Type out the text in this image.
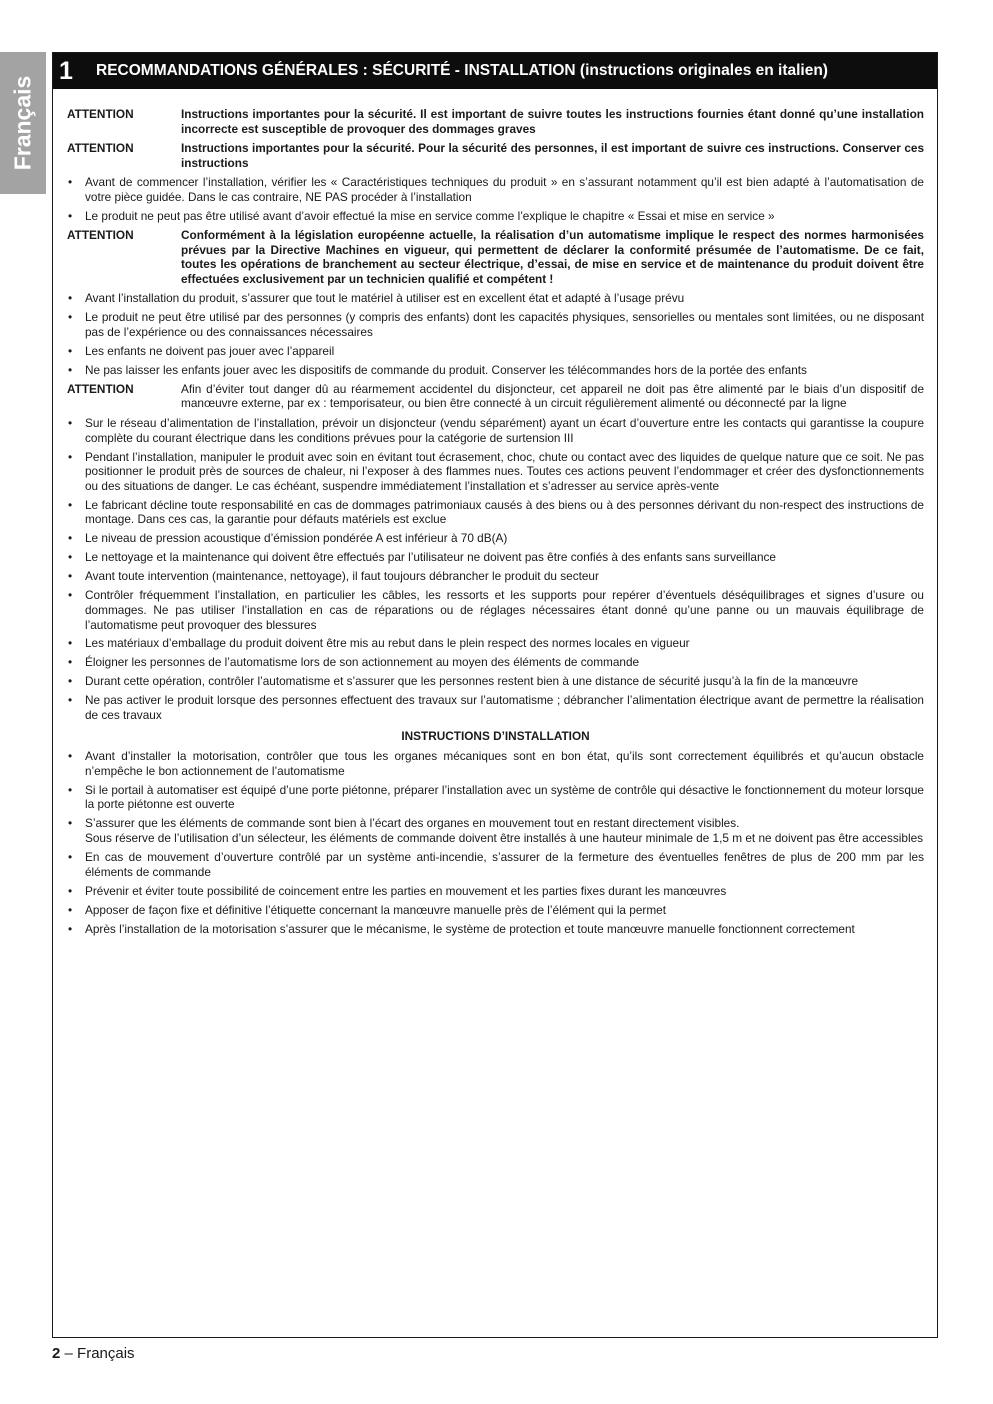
Français
1 RECOMMANDATIONS GÉNÉRALES : SÉCURITÉ - INSTALLATION (instructions originales en italien)
ATTENTION	Instructions importantes pour la sécurité. Il est important de suivre toutes les instructions fournies étant donné qu’une installation incorrecte est susceptible de provoquer des dommages graves
ATTENTION	Instructions importantes pour la sécurité. Pour la sécurité des personnes, il est important de suivre ces instructions. Conserver ces instructions
•	Avant de commencer l’installation, vérifier les « Caractéristiques techniques du produit » en s’assurant notamment qu’il est bien adapté à l’automatisation de votre pièce guidée. Dans le cas contraire, NE PAS procéder à l’installation
•	Le produit ne peut pas être utilisé avant d’avoir effectué la mise en service comme l’explique le chapitre « Essai et mise en service »
ATTENTION	Conformément à la législation européenne actuelle, la réalisation d’un automatisme implique le respect des normes harmonisées prévues par la Directive Machines en vigueur, qui permettent de déclarer la conformité présumée de l’automatisme. De ce fait, toutes les opérations de branchement au secteur électrique, d’essai, de mise en service et de maintenance du produit doivent être effectuées exclusivement par un technicien qualifié et compétent !
•	Avant l’installation du produit, s’assurer que tout le matériel à utiliser est en excellent état et adapté à l’usage prévu
•	Le produit ne peut être utilisé par des personnes (y compris des enfants) dont les capacités physiques, sensorielles ou mentales sont limitées, ou ne disposant pas de l’expérience ou des connaissances nécessaires
•	Les enfants ne doivent pas jouer avec l’appareil
•	Ne pas laisser les enfants jouer avec les dispositifs de commande du produit. Conserver les télécommandes hors de la portée des enfants
ATTENTION	Afin d’éviter tout danger dû au réarmement accidentel du disjoncteur, cet appareil ne doit pas être alimenté par le biais d’un dispositif de manœuvre externe, par ex : temporisateur, ou bien être connecté à un circuit régulièrement alimenté ou déconnecté par la ligne
•	Sur le réseau d’alimentation de l’installation, prévoir un disjoncteur (vendu séparément) ayant un écart d’ouverture entre les contacts qui garantisse la coupure complète du courant électrique dans les conditions prévues pour la catégorie de surtension III
•	Pendant l’installation, manipuler le produit avec soin en évitant tout écrasement, choc, chute ou contact avec des liquides de quelque nature que ce soit. Ne pas positionner le produit près de sources de chaleur, ni l’exposer à des flammes nues. Toutes ces actions peuvent l’endommager et créer des dysfonctionnements ou des situations de danger. Le cas échéant, suspendre immédiatement l’installation et s’adresser au service après-vente
•	Le fabricant décline toute responsabilité en cas de dommages patrimoniaux causés à des biens ou à des personnes dérivant du non-respect des instructions de montage. Dans ces cas, la garantie pour défauts matériels est exclue
•	Le niveau de pression acoustique d’émission pondérée A est inférieur à 70 dB(A)
•	Le nettoyage et la maintenance qui doivent être effectués par l’utilisateur ne doivent pas être confiés à des enfants sans surveillance
•	Avant toute intervention (maintenance, nettoyage), il faut toujours débrancher le produit du secteur
•	Contrôler fréquemment l’installation, en particulier les câbles, les ressorts et les supports pour repérer d’éventuels déséquilibrages et signes d’usure ou dommages. Ne pas utiliser l’installation en cas de réparations ou de réglages nécessaires étant donné qu’une panne ou un mauvais équilibrage de l’automatisme peut provoquer des blessures
•	Les matériaux d’emballage du produit doivent être mis au rebut dans le plein respect des normes locales en vigueur
•	Éloigner les personnes de l’automatisme lors de son actionnement au moyen des éléments de commande
•	Durant cette opération, contrôler l’automatisme et s’assurer que les personnes restent bien à une distance de sécurité jusqu’à la fin de la manœuvre
•	Ne pas activer le produit lorsque des personnes effectuent des travaux sur l’automatisme ; débrancher l’alimentation électrique avant de permettre la réalisation de ces travaux
INSTRUCTIONS D’INSTALLATION
•	Avant d’installer la motorisation, contrôler que tous les organes mécaniques sont en bon état, qu’ils sont correctement équilibrés et qu’aucun obstacle n’empêche le bon actionnement de l’automatisme
•	Si le portail à automatiser est équipé d’une porte piétonne, préparer l’installation avec un système de contrôle qui désactive le fonctionnement du moteur lorsque la porte piétonne est ouverte
•	S’assurer que les éléments de commande sont bien à l’écart des organes en mouvement tout en restant directement visibles.
Sous réserve de l’utilisation d’un sélecteur, les éléments de commande doivent être installés à une hauteur minimale de 1,5 m et ne doivent pas être accessibles
•	En cas de mouvement d’ouverture contrôlé par un système anti-incendie, s’assurer de la fermeture des éventuelles fenêtres de plus de 200 mm par les éléments de commande
•	Prévenir et éviter toute possibilité de coincement entre les parties en mouvement et les parties fixes durant les manœuvres
•	Apposer de façon fixe et définitive l’étiquette concernant la manœuvre manuelle près de l’élément qui la permet
•	Après l’installation de la motorisation s’assurer que le mécanisme, le système de protection et toute manœuvre manuelle fonctionnent correctement
2 – Français
